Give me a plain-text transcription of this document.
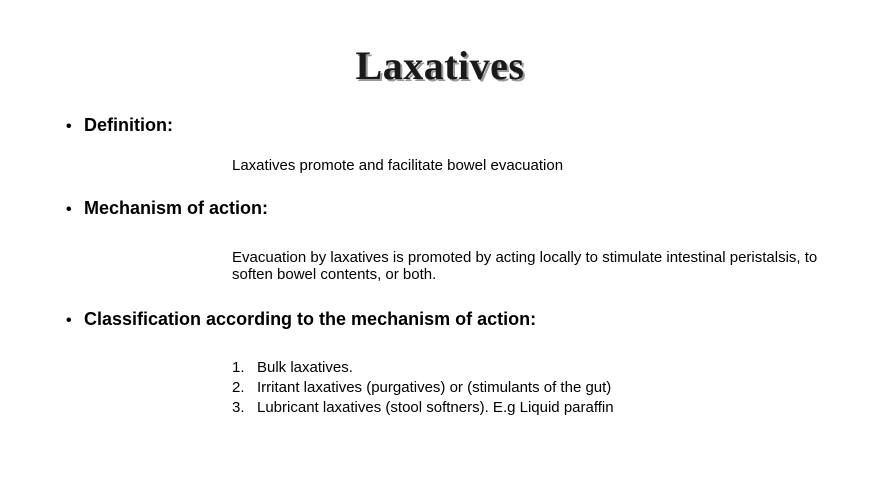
Laxatives
• Definition:
Laxatives promote and facilitate bowel evacuation
• Mechanism of action:
Evacuation by laxatives is promoted by acting locally to stimulate intestinal peristalsis, to soften bowel contents, or both.
• Classification according to the mechanism of action:
1. Bulk laxatives.
2. Irritant laxatives (purgatives) or (stimulants of the gut)
3. Lubricant laxatives (stool softners). E.g Liquid paraffin
